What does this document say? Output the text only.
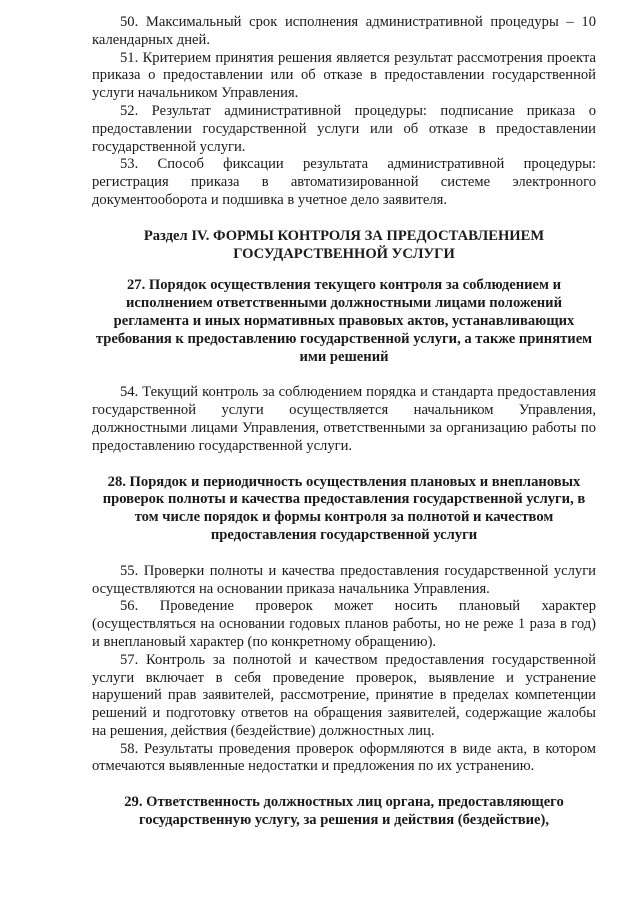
50. Максимальный срок исполнения административной процедуры – 10 календарных дней.

51. Критерием принятия решения является результат рассмотрения проекта приказа о предоставлении или об отказе в предоставлении государственной услуги начальником Управления.

52. Результат административной процедуры: подписание приказа о предоставлении государственной услуги или об отказе в предоставлении государственной услуги.

53. Способ фиксации результата административной процедуры: регистрация приказа в автоматизированной системе электронного документооборота и подшивка в учетное дело заявителя.

Раздел IV. ФОРМЫ КОНТРОЛЯ ЗА ПРЕДОСТАВЛЕНИЕМ ГОСУДАРСТВЕННОЙ УСЛУГИ
27. Порядок осуществления текущего контроля за соблюдением и исполнением ответственными должностными лицами положений регламента и иных нормативных правовых актов, устанавливающих требования к предоставлению государственной услуги, а также принятием ими решений

54. Текущий контроль за соблюдением порядка и стандарта предоставления государственной услуги осуществляется начальником Управления, должностными лицами Управления, ответственными за организацию работы по предоставлению государственной услуги.

28. Порядок и периодичность осуществления плановых и внеплановых проверок полноты и качества предоставления государственной услуги, в том числе порядок и формы контроля за полнотой и качеством предоставления государственной услуги

55. Проверки полноты и качества предоставления государственной услуги осуществляются на основании приказа начальника Управления.

56. Проведение проверок может носить плановый характер (осуществляться на основании годовых планов работы, но не реже 1 раза в год) и внеплановый характер (по конкретному обращению).

57. Контроль за полнотой и качеством предоставления государственной услуги включает в себя проведение проверок, выявление и устранение нарушений прав заявителей, рассмотрение, принятие в пределах компетенции решений и подготовку ответов на обращения заявителей, содержащие жалобы на решения, действия (бездействие) должностных лиц.

58. Результаты проведения проверок оформляются в виде акта, в котором отмечаются выявленные недостатки и предложения по их устранению.

29. Ответственность должностных лиц органа, предоставляющего государственную услугу, за решения и действия (бездействие),
